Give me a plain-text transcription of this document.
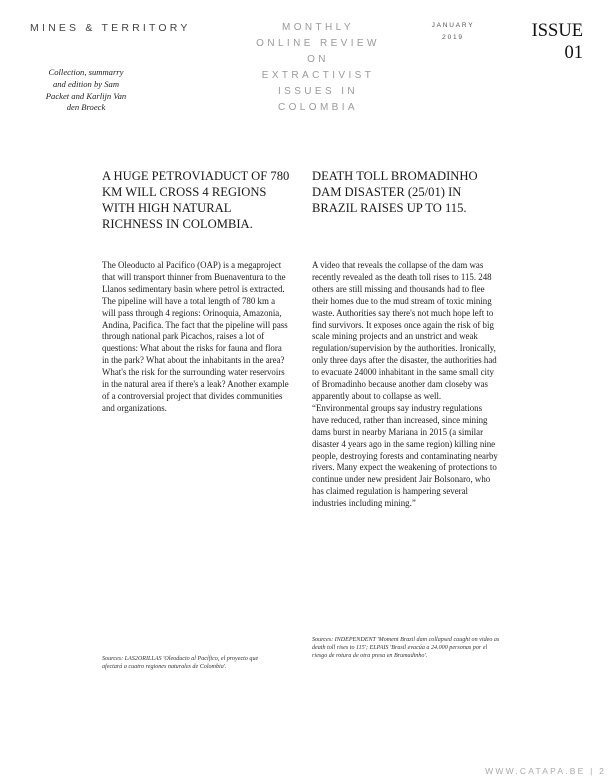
MINES & TERRITORY	MONTHLY
ONLINE REVIEW
ON
EXTRACTIVIST
ISSUES IN
COLOMBIA
JANUARY
2019	ISSUE
01
Collection, summarry and edition by Sam Packet and Karlijn Van den Broeck
A HUGE PETROVIADUCT OF 780 KM WILL CROSS 4 REGIONS WITH HIGH NATURAL RICHNESS IN COLOMBIA.

The Oleoducto al Pacifico (OAP) is a megaproject that will transport thinner from Buenaventura to the Llanos sedimentary basin where petrol is extracted. The pipeline will have a total length of 780 km a will pass through 4 regions: Orinoquia, Amazonia, Andina, Pacifica. The fact that the pipeline will pass through national park Picachos, raises a lot of questions: What about the risks for fauna and flora in the park? What about the inhabitants in the area? What's the risk for the surrounding water reservoirs in the natural area if there's a leak? Another example of a controversial project that divides communities and organizations.

Sources: LAS2ORILLAS 'Oleoducto al Pacífico, el proyecto que afectará a cuatro regiones naturales de Colombia'.
DEATH TOLL BROMADINHO DAM DISASTER (25/01) IN BRAZIL RAISES UP TO 115.

A video that reveals the collapse of the dam was recently revealed as the death toll rises to 115. 248 others are still missing and thousands had to flee their homes due to the mud stream of toxic mining waste. Authorities say there's not much hope left to find survivors. It exposes once again the risk of big scale mining projects and an unstrict and weak regulation/supervision by the authorities. Ironically, only three days after the disaster, the authorities had to evacuate 24000 inhabitant in the same small city of Bromadinho because another dam closeby was apparently about to collapse as well.

“Environmental groups say industry regulations have reduced, rather than increased, since mining dams burst in nearby Mariana in 2015 (a similar disaster 4 years ago in the same region) killing nine people, destroying forests and contaminating nearby rivers. Many expect the weakening of protections to continue under new president Jair Bolsonaro, who has claimed regulation is hampering several industries including mining.”

Sources: INDEPENDENT 'Moment Brazil dam collapsed caught on video as death toll rises to 115'; ELPAIS 'Brasil evacúa a 24.000 personas por el riesgo de rotura de otra presa en Brumadinho'.
WWW.CATAPA.BE | 2
